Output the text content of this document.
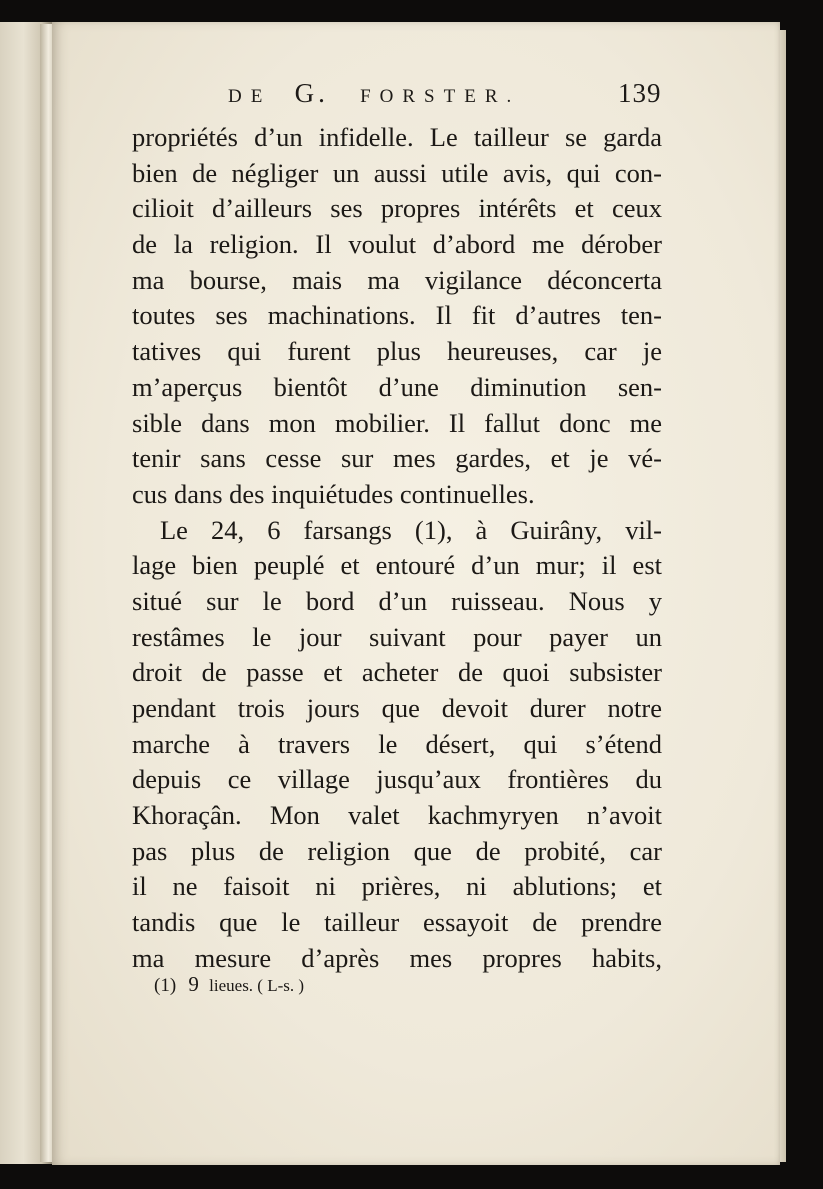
DE G. FORSTER.	139
propriétés d’un infidelle. Le tailleur se garda
bien de négliger un aussi utile avis, qui con-
cilioit d’ailleurs ses propres intérêts et ceux
de la religion. Il voulut d’abord me dérober
ma bourse, mais ma vigilance déconcerta
toutes ses machinations. Il fit d’autres ten-
tatives qui furent plus heureuses, car je
m’aperçus bientôt d’une diminution sen-
sible dans mon mobilier. Il fallut donc me
tenir sans cesse sur mes gardes, et je vé-
cus dans des inquiétudes continuelles.
Le 24, 6 farsangs (1), à Guirâny, vil-
lage bien peuplé et entouré d’un mur; il est
situé sur le bord d’un ruisseau. Nous y
restâmes le jour suivant pour payer un
droit de passe et acheter de quoi subsister
pendant trois jours que devoit durer notre
marche à travers le désert, qui s’étend
depuis ce village jusqu’aux frontières du
Khoraçân. Mon valet kachmyryen n’avoit
pas plus de religion que de probité, car
il ne faisoit ni prières, ni ablutions; et
tandis que le tailleur essayoit de prendre
ma mesure d’après mes propres habits,
(1) 9 lieues. ( L-s. )
